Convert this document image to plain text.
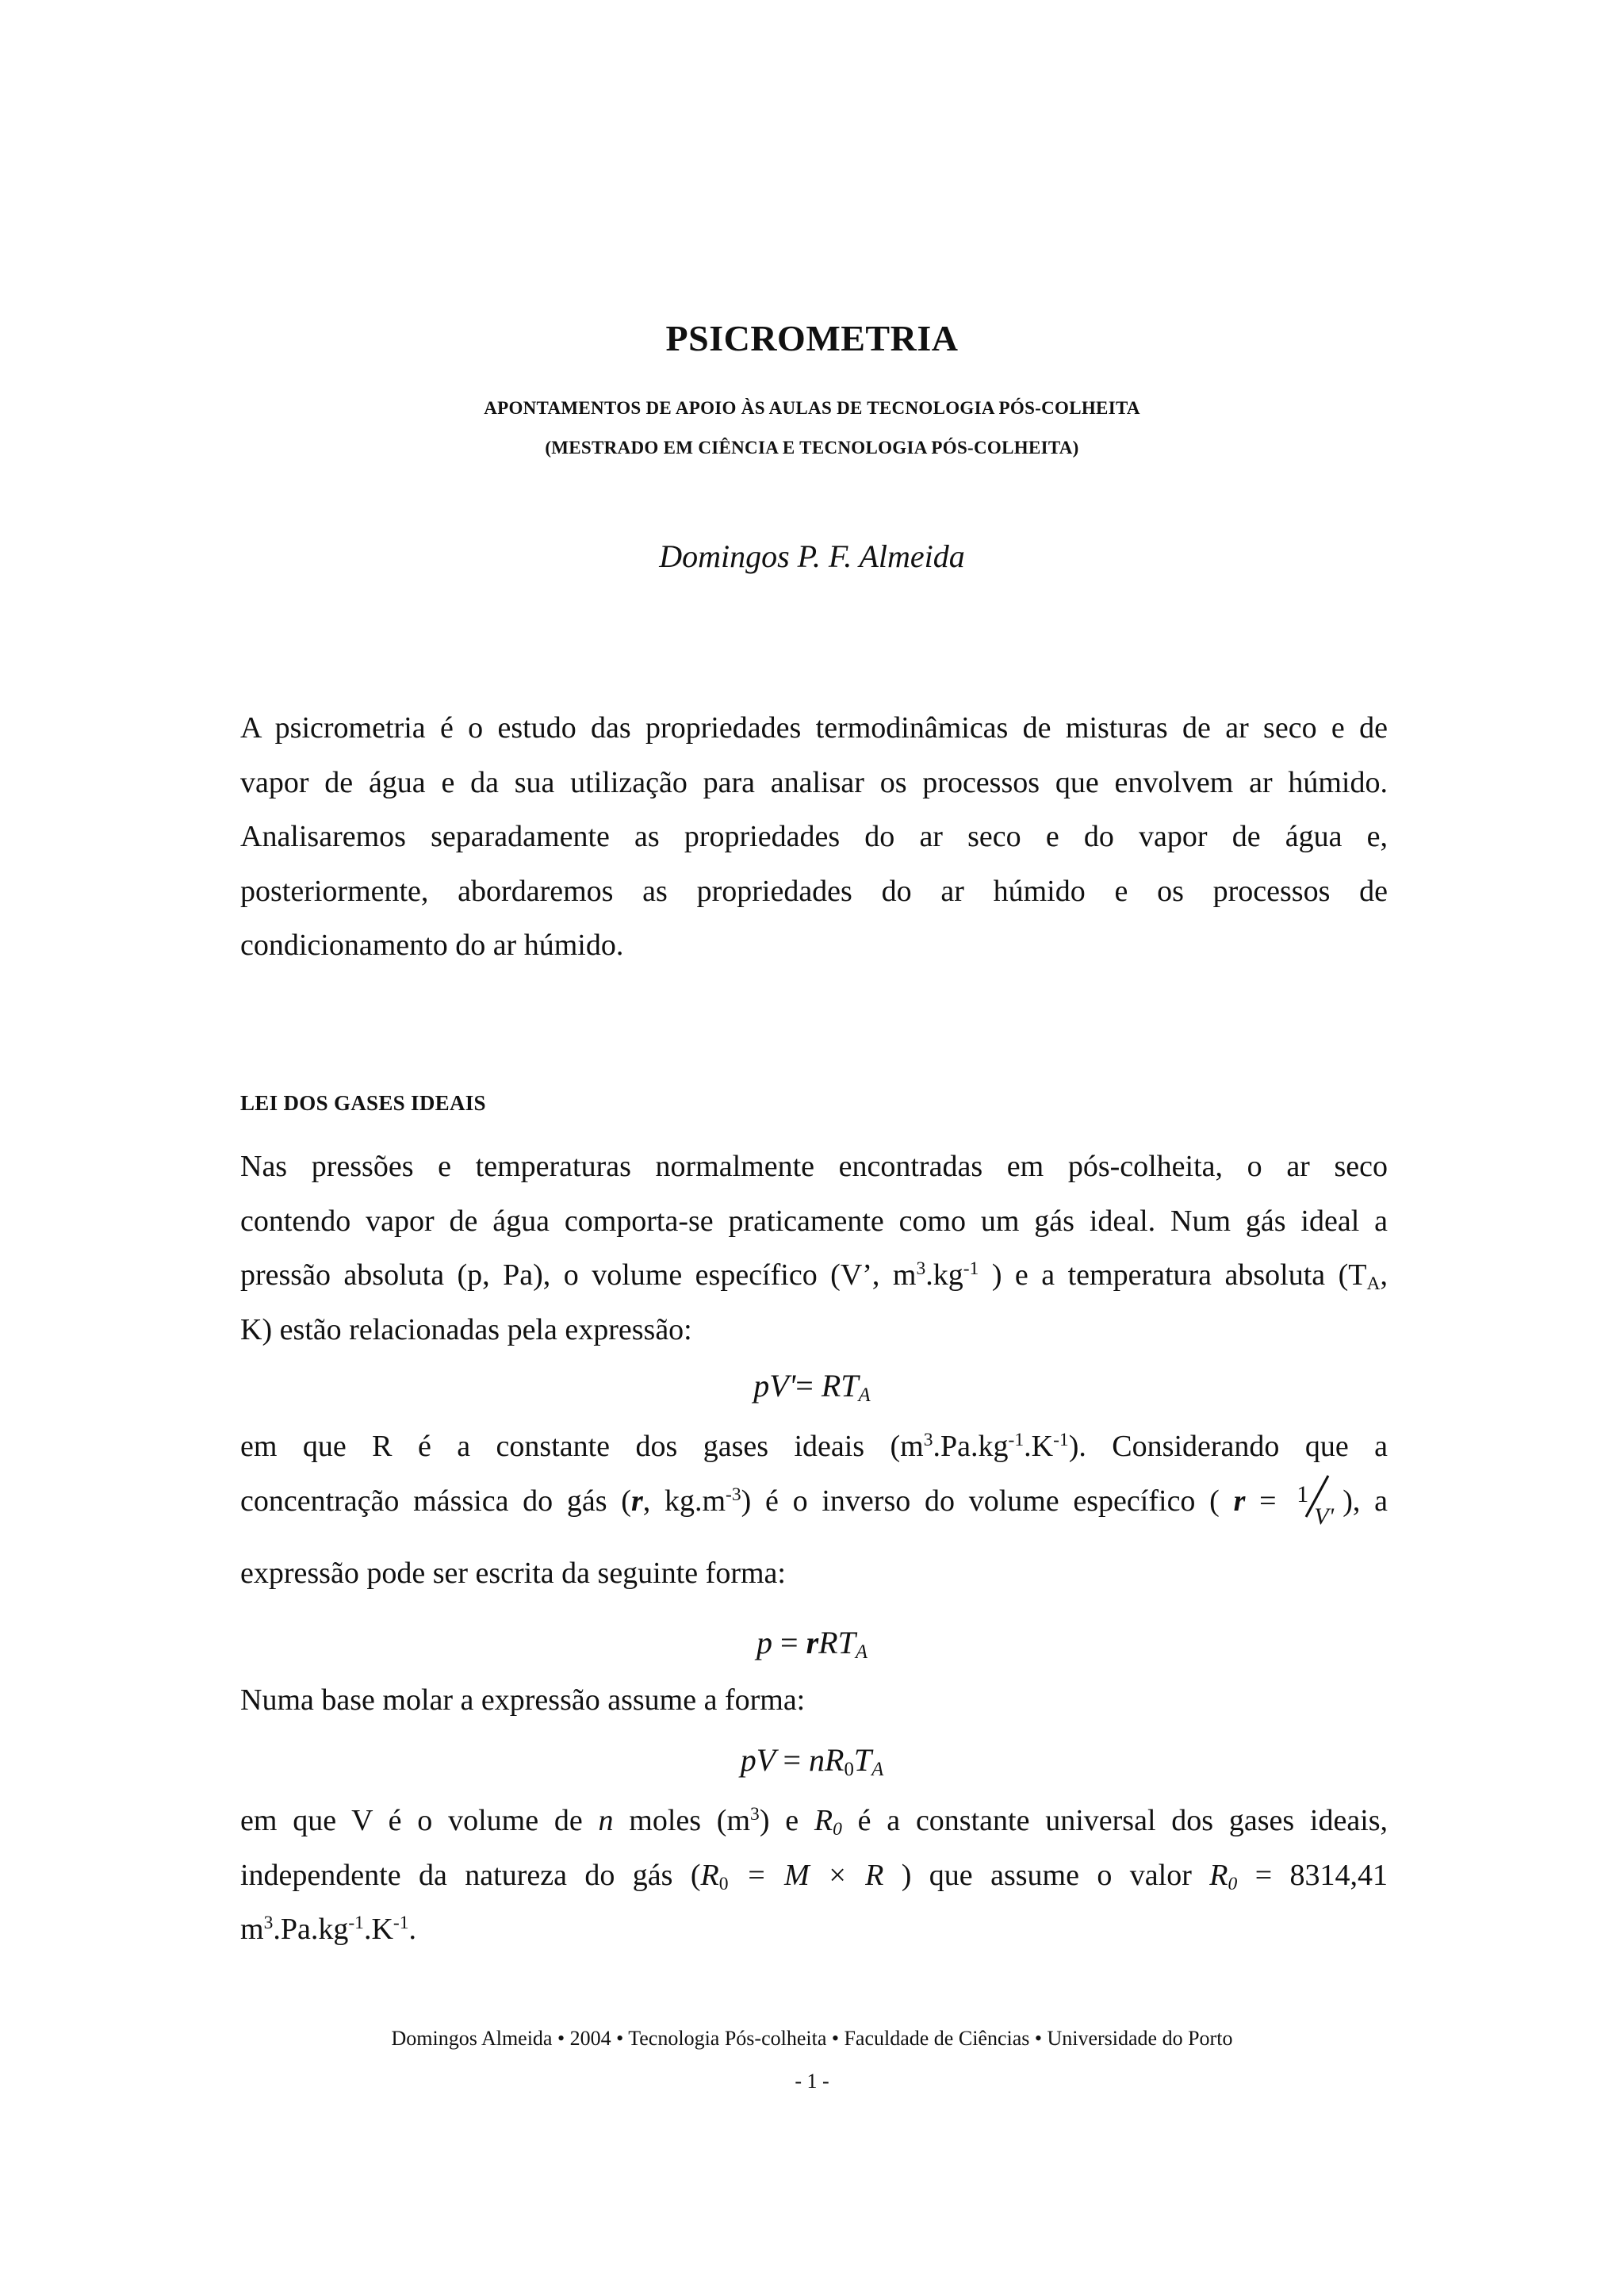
PSICROMETRIA
APONTAMENTOS DE APOIO ÀS AULAS DE TECNOLOGIA PÓS-COLHEITA
(MESTRADO EM CIÊNCIA E TECNOLOGIA PÓS-COLHEITA)
Domingos P. F. Almeida
A psicrometria é o estudo das propriedades termodinâmicas de misturas de ar seco e de
vapor de água e da sua utilização para analisar os processos que envolvem ar húmido.
Analisaremos separadamente as propriedades do ar seco e do vapor de água e,
posteriormente, abordaremos as propriedades do ar húmido e os processos de
condicionamento do ar húmido.
LEI DOS GASES IDEAIS
Nas pressões e temperaturas normalmente encontradas em pós-colheita, o ar seco
contendo vapor de água comporta-se praticamente como um gás ideal. Num gás ideal a
pressão absoluta (p, Pa), o volume específico (V’, $m^3.kg^{-1}$ ) e a temperatura absoluta ($T_A$,
K) estão relacionadas pela expressão:
$pV'= RT_A$
em que R é a constante dos gases ideais $(m^3.Pa.kg^{-1}.K^{-1})$. Considerando que a
concentração mássica do gás (r, $kg.m^{-3}$) é o inverso do volume específico ( r = 1
V' ), a
expressão pode ser escrita da seguinte forma:
p = rRT$_A$
Numa base molar a expressão assume a forma:
pV = $nR_0T_A$
em que V é o volume de n moles $(m^3)$ e $R_0$ é a constante universal dos gases ideais,
independente da natureza do gás ($R_0 = M \times R$ ) que assume o valor $R_0 = 8314,41$
$m^3.Pa.kg^{-1}.K^{-1}$.
Domingos Almeida • 2004 • Tecnologia Pós-colheita • Faculdade de Ciências • Universidade do Porto
- 1 -
